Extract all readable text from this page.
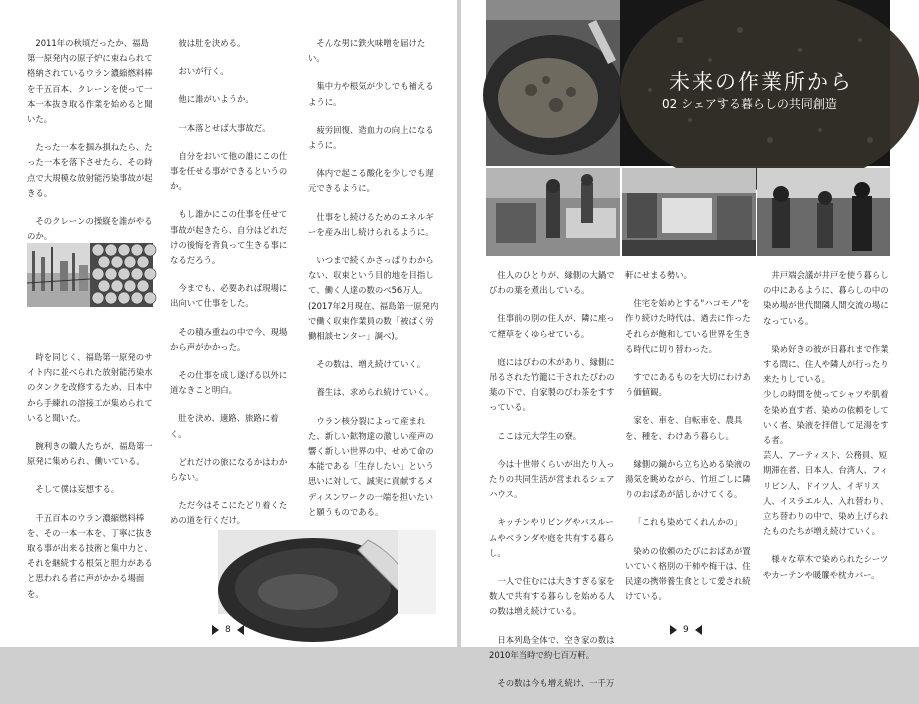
2011年の秋頃だったか、福島第一原発内の原子炉に束ねられて格納されているウラン濃縮燃料棒を千五百本、クレーンを使って一本一本抜き取る作業を始めると聞いた。

たった一本を掴み損ねたら、たった一本を落下させたら、その時点で大規模な放射能汚染事故が起きる。

そのクレーンの操縦を誰がやるのか。

時を同じく、福島第一原発のサイト内に並べられた放射能汚染水のタンクを改修するため、日本中から手練れの溶接工が集められていると聞いた。

腕利きの職人たちが、福島第一原発に集められ、働いている。

そして僕は妄想する。

千五百本のウラン濃縮燃料棒を、その一本一本を、丁寧に抜き取る事が出来る技術と集中力と、それを継続する根気と胆力があると思われる者に声がかかる場面を。

彼は肚を決める。

おいが行く。

他に誰がいようか。

一本落とせば大事故だ。

自分をおいて他の誰にこの仕事を任せる事ができるというのか。

もし誰かにこの仕事を任せて事故が起きたら、自分はどれだけの後悔を背負って生きる事になるだろう。

今までも、必要あれば現場に出向いて仕事をした。

その積み重ねの中で今、現場から声がかかった。

その仕事を成し遂げる以外に道なきこと明白。

肚を決め、適路、旅路に着く。

どれだけの旅になるかはわからない。

ただ今はそこにたどり着くための道を行くだけ。

そんな男に鉄火味噌を届けたい。

集中力や根気が少しでも補えるように。

疲労回復、造血力の向上になるように。

体内で起こる酸化を少しでも遅元できるように。

仕事をし続けるためのエネルギーを産み出し続けられるように。

いつまで続くかさっぱりわからない、収束という目的地を目指して、働く人達の数のべ56万人。
(2017年2月現在、福島第一原発内で働く収束作業員の数「被ばく労働相談センター」調べ)。

その数は、増え続けていく。

養生は、求められ続けていく。

ウラン核分裂によって産まれた、新しい鉱物達の激しい産声の響く新しい世界の中、せめて命の本能である「生存したい」という思いに対して、誠実に貢献するメディスンワークの一端を担いたいと願うものである。

8
未来の作業所から
02 シェアする暮らしの共同創造

住人のひとりが、縁側の大鍋でびわの葉を煮出している。

住事前の別の住人が、隣に座って煙草をくゆらせている。

庭にはびわの木があり、縁側に吊るされた竹籠に干されたびわの葉の下で、自家製のびわ茶をすすっている。

ここは元大学生の寮。

今は十世帯くらいが出たり入ったりの共同生活が営まれるシェアハウス。

キッチンやリビングやバスルームやベランダや庭を共有する暮らし。

一人で住むには大きすぎる家を数人で共有する暮らしを始める人の数は増え続けている。

日本列島全体で、空き家の数は2010年当時で約七百万軒。

その数は今も増え続け、一千万

軒にせまる勢い。

住宅を始めとする"ハコモノ"を作り続けた時代は、過去に作ったそれらが飽和している世界を生きる時代に切り替わった。

すでにあるものを大切にわけあう価値観。

家を、車を、自転車を、農具を、種を、わけあう暮らし。

縁側の鍋から立ち込める染液の湯気を眺めながら、竹垣ごしに隣りのおばあが話しかけてくる。

「これも染めてくれんかの」

染めの依頼のたびにおばあが置いていく格別の干柿や梅干は、住民達の携帯養生食として愛され続けている。

井戸端会議が井戸を使う暮らしの中にあるように、暮らしの中の染め場が世代間隣人間交流の場になっている。

染め好きの彼が日暮れまで作業する間に、住人や隣人が行ったり来たりしている。
少しの時間を使ってシャツや肌着を染め直す者、染めの依頼をしていく者、染液を拝借して足湯をする者。
芸人、アーティスト、公務員、短期滞在者、日本人、台湾人、フィリピン人、ドイツ人、イギリス人、イスラエル人、入れ替わり、立ち替わりの中で、染め上げられたものたちが増え続けていく。

様々な草木で染められたシーツやカーテンや暖簾や枕カバー。

9
